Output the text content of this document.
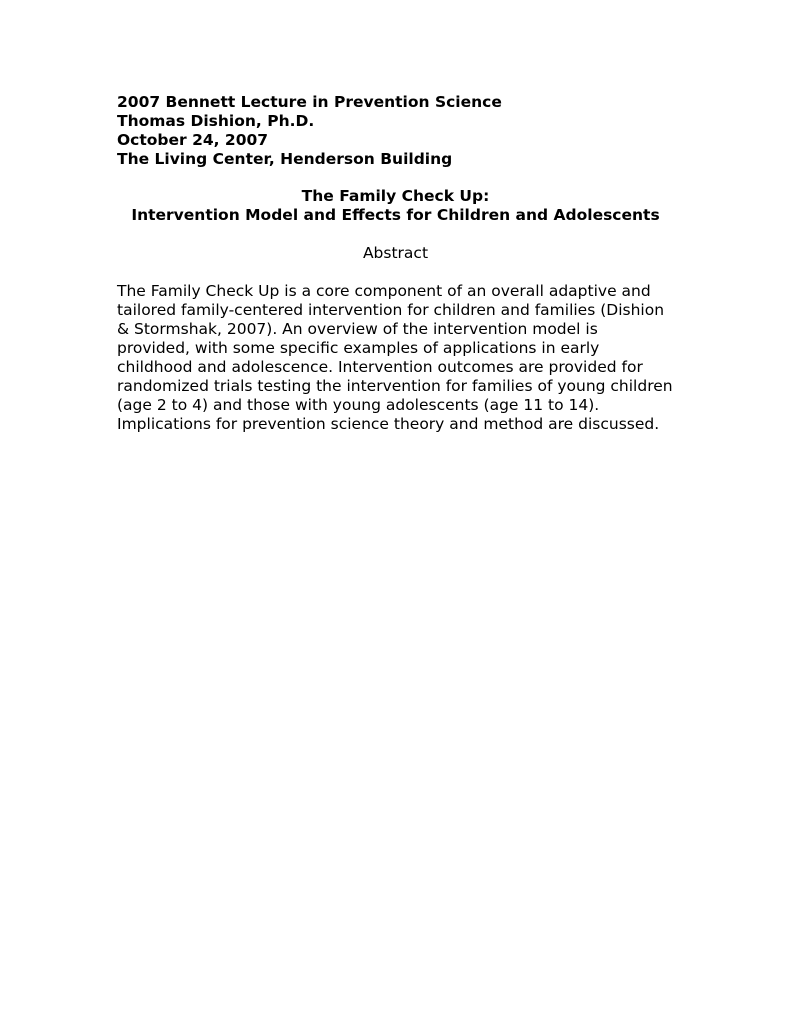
2007 Bennett Lecture in Prevention Science
Thomas Dishion, Ph.D.
October 24, 2007
The Living Center, Henderson Building
The Family Check Up:
Intervention Model and Effects for Children and Adolescents
Abstract
The Family Check Up is a core component of an overall adaptive and
tailored family-centered intervention for children and families (Dishion
& Stormshak, 2007). An overview of the intervention model is
provided, with some specific examples of applications in early
childhood and adolescence. Intervention outcomes are provided for
randomized trials testing the intervention for families of young children
(age 2 to 4) and those with young adolescents (age 11 to 14).
Implications for prevention science theory and method are discussed.
